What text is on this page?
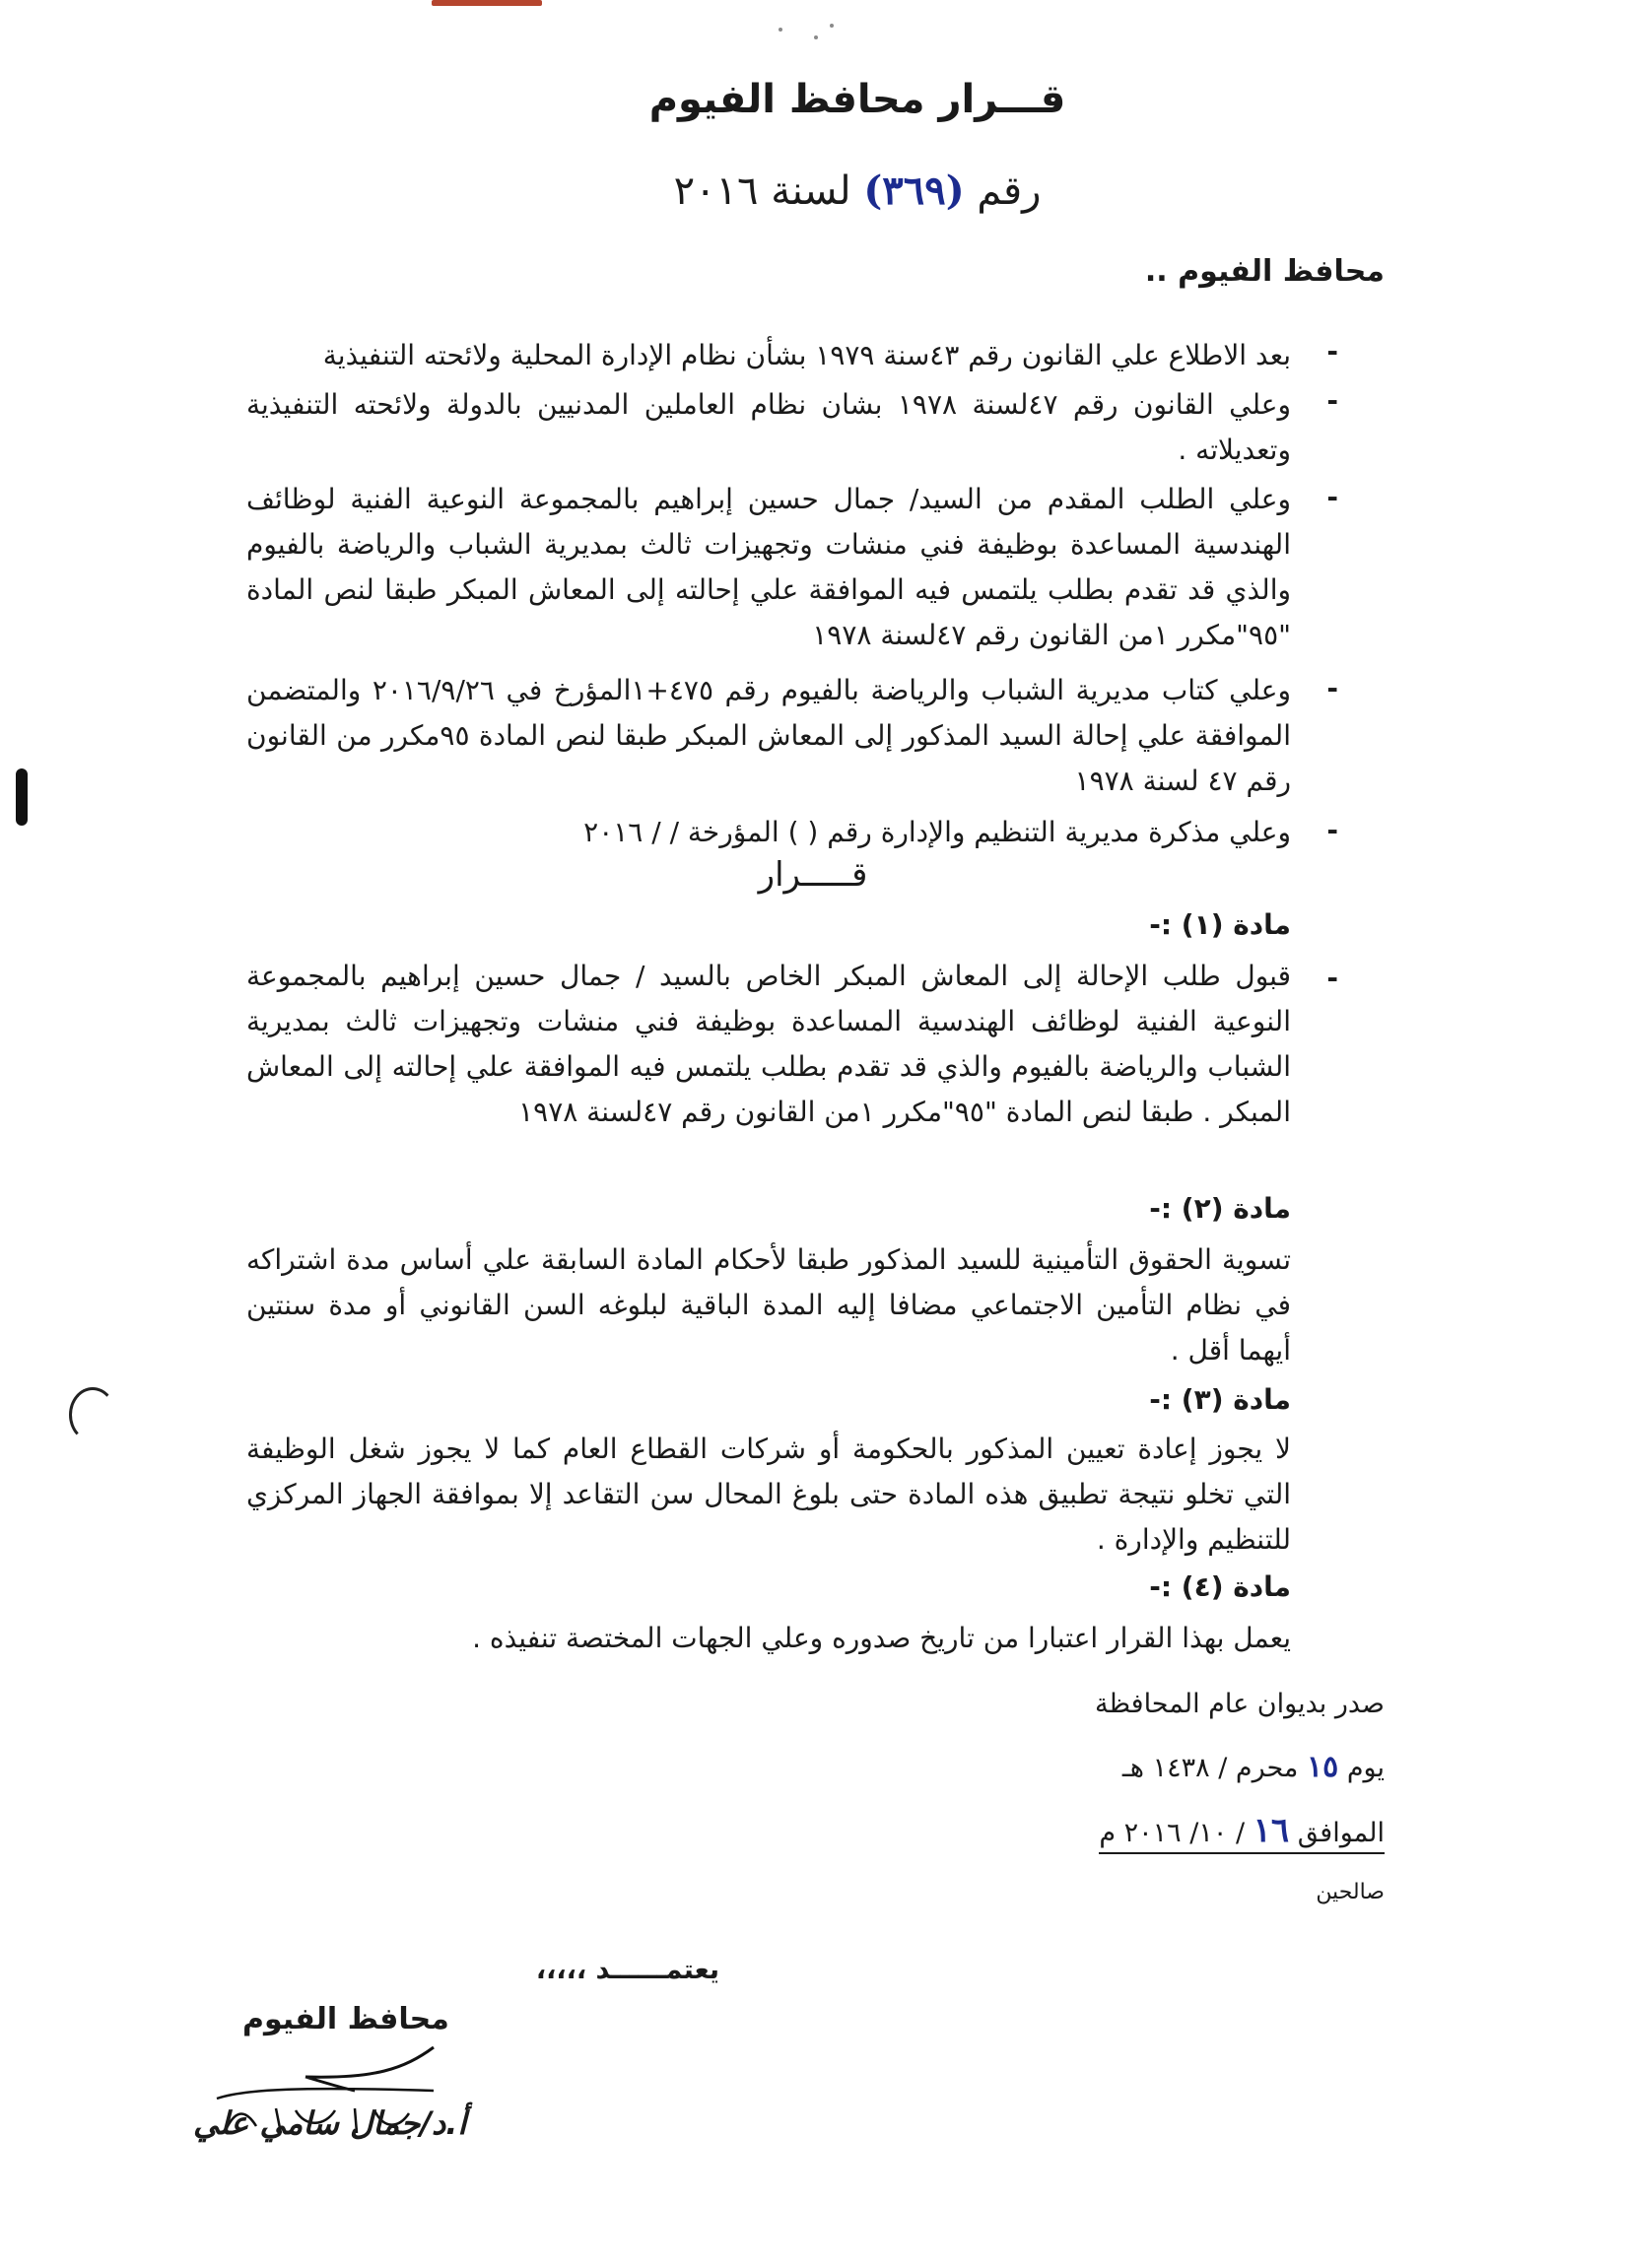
قـــرار محافظ الفيوم
رقم (٣٦٩) لسنة ٢٠١٦
محافظ الفيوم ..
-
بعد الاطلاع علي القانون رقم ٤٣سنة ١٩٧٩ بشأن نظام الإدارة المحلية ولائحته التنفيذية
-
وعلي القانون رقم ٤٧لسنة ١٩٧٨ بشان نظام العاملين المدنيين بالدولة ولائحته التنفيذية وتعديلاته .
-
وعلي الطلب المقدم من السيد/ جمال حسين إبراهيم بالمجموعة النوعية الفنية لوظائف الهندسية المساعدة بوظيفة فني منشات وتجهيزات ثالث بمديرية الشباب والرياضة بالفيوم والذي قد تقدم بطلب يلتمس فيه الموافقة علي إحالته إلى المعاش المبكر طبقا لنص المادة "٩٥"مكرر ١من القانون رقم ٤٧لسنة ١٩٧٨
-
وعلي كتاب مديرية الشباب والرياضة بالفيوم رقم ٤٧٥+١المؤرخ في ٢٠١٦/٩/٢٦ والمتضمن الموافقة علي إحالة السيد المذكور إلى المعاش المبكر طبقا لنص المادة ٩٥مكرر من القانون رقم ٤٧ لسنة ١٩٧٨
-
وعلي مذكرة مديرية التنظيم والإدارة رقم ( ) المؤرخة / / ٢٠١٦
قـــــرار
مادة (١) :-
-
قبول طلب الإحالة إلى المعاش المبكر الخاص بالسيد / جمال حسين إبراهيم بالمجموعة النوعية الفنية لوظائف الهندسية المساعدة بوظيفة فني منشات وتجهيزات ثالث بمديرية الشباب والرياضة بالفيوم والذي قد تقدم بطلب يلتمس فيه الموافقة علي إحالته إلى المعاش المبكر . طبقا لنص المادة "٩٥"مكرر ١من القانون رقم ٤٧لسنة ١٩٧٨
مادة (٢) :-
تسوية الحقوق التأمينية للسيد المذكور طبقا لأحكام المادة السابقة علي أساس مدة اشتراكه في نظام التأمين الاجتماعي مضافا إليه المدة الباقية لبلوغه السن القانوني أو مدة سنتين أيهما أقل .
مادة (٣) :-
لا يجوز إعادة تعيين المذكور بالحكومة أو شركات القطاع العام كما لا يجوز شغل الوظيفة التي تخلو نتيجة تطبيق هذه المادة حتى بلوغ المحال سن التقاعد إلا بموافقة الجهاز المركزي للتنظيم والإدارة .
مادة (٤) :-
يعمل بهذا القرار اعتبارا من تاريخ صدوره وعلي الجهات المختصة تنفيذه .
صدر بديوان عام المحافظة
يوم ١٥ محرم / ١٤٣٨ هـ
الموافق ١٦ / ١٠/ ٢٠١٦ م
صالحين
يعتمــــــد ،،،،،
محافظ الفيوم
أ.د/جمال سامي علي
